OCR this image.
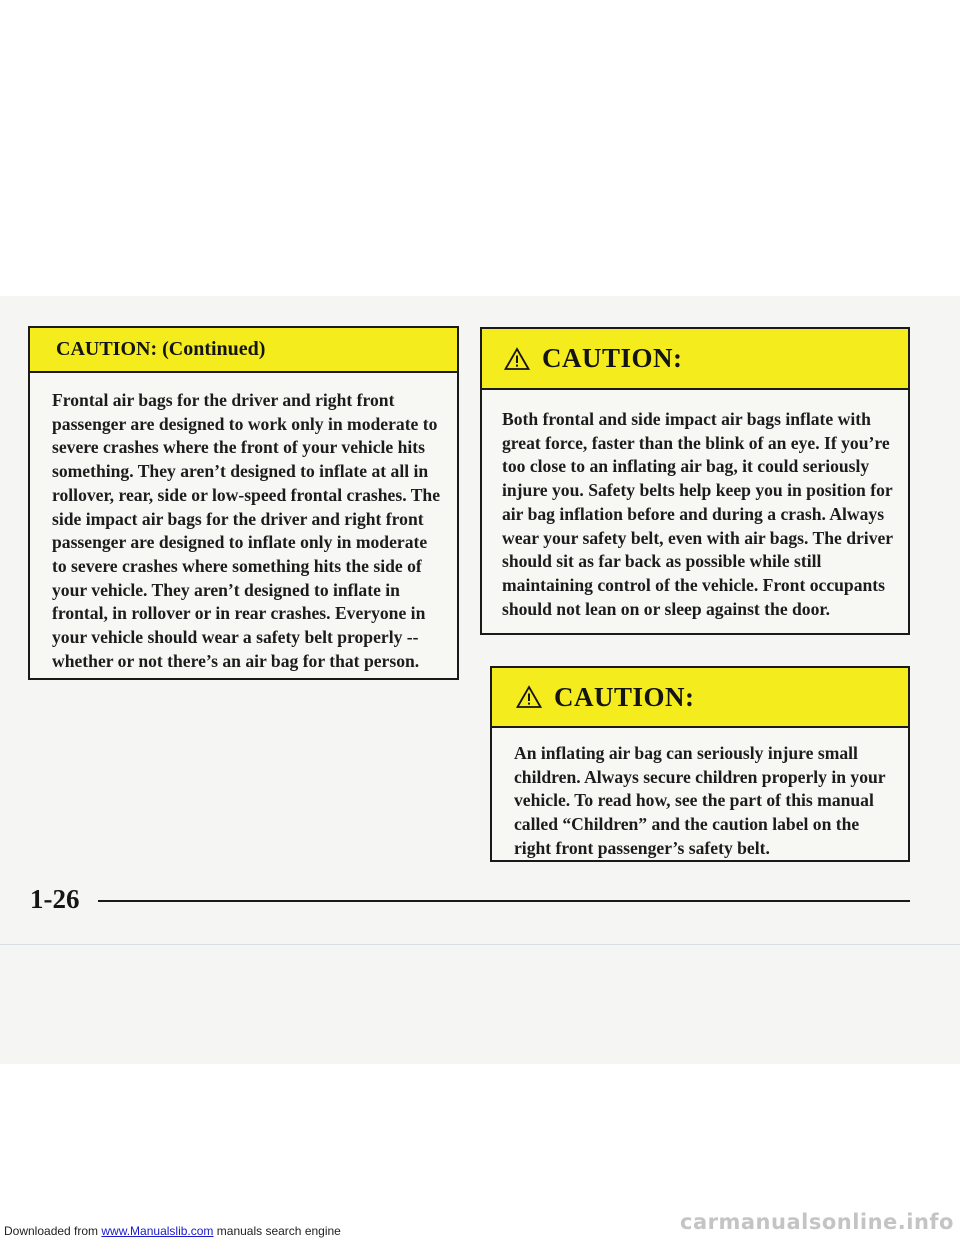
CAUTION: (Continued)
Frontal air bags for the driver and right front passenger are designed to work only in moderate to severe crashes where the front of your vehicle hits something. They aren’t designed to inflate at all in rollover, rear, side or low-speed frontal crashes. The side impact air bags for the driver and right front passenger are designed to inflate only in moderate to severe crashes where something hits the side of your vehicle. They aren’t designed to inflate in frontal, in rollover or in rear crashes. Everyone in your vehicle should wear a safety belt properly -- whether or not there’s an air bag for that person.
CAUTION:
Both frontal and side impact air bags inflate with great force, faster than the blink of an eye. If you’re too close to an inflating air bag, it could seriously injure you. Safety belts help keep you in position for air bag inflation before and during a crash. Always wear your safety belt, even with air bags. The driver should sit as far back as possible while still maintaining control of the vehicle. Front occupants should not lean on or sleep against the door.
CAUTION:
An inflating air bag can seriously injure small children. Always secure children properly in your vehicle. To read how, see the part of this manual called “Children” and the caution label on the right front passenger’s safety belt.
1-26
Downloaded from www.Manualslib.com manuals search engine	carmanualsonline.info
